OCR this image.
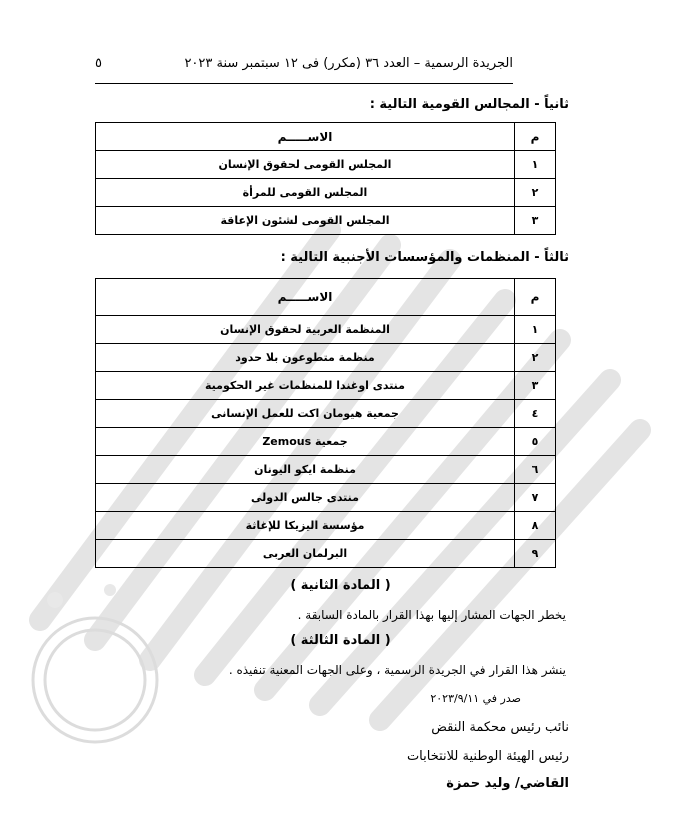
الجريدة الرسمية – العدد ٣٦ (مكرر) فى ١٢ سبتمبر سنة ٢٠٢٣
٥
ثانياً - المجالس القومية التالية :
م	الاســـــم
١	المجلس القومى لحقوق الإنسان
٢	المجلس القومى للمرأة
٣	المجلس القومى لشئون الإعاقة
ثالثاً - المنظمات والمؤسسات الأجنبية التالية :
م	الاســـــم
١	المنظمة العربية لحقوق الإنسان
٢	منظمة متطوعون بلا حدود
٣	منتدى اوغندا للمنظمات غير الحكومية
٤	جمعية هيومان اكت للعمل الإنسانى
٥	جمعية Zemous
٦	منظمة ايكو اليونان
٧	منتدى جالس الدولى
٨	مؤسسة اليزيكا للإغاثة
٩	البرلمان العربى
( المادة الثانية )
يخطر الجهات المشار إليها بهذا القرار بالمادة السابقة .
( المادة الثالثة )
ينشر هذا القرار في الجريدة الرسمية ، وعلى الجهات المعنية تنفيذه .
صدر في ٢٠٢٣/٩/١١
نائب رئيس محكمة النقض
رئيس الهيئة الوطنية للانتخابات
القاضي/ وليد حمزة
